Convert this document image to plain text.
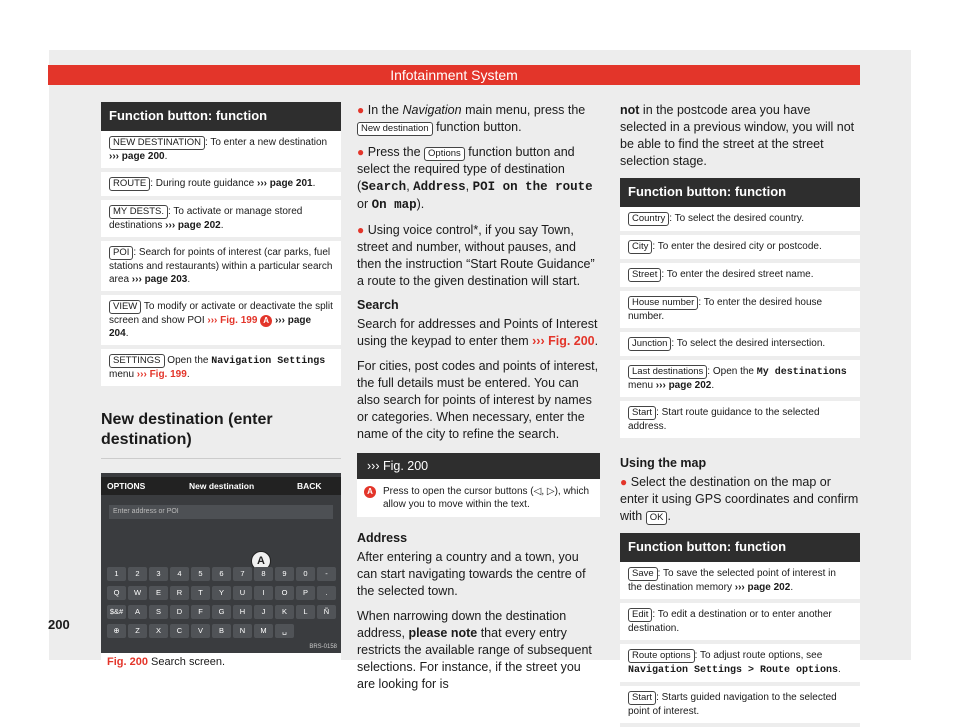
Infotainment System
Function button: function
NEW DESTINATION : To enter a new destination ››› page 200.
ROUTE : During route guidance ››› page 201.
MY DESTS. : To activate or manage stored destinations ››› page 202.
POI : Search for points of interest (car parks, fuel stations and restaurants) within a particular search area ››› page 203.
VIEW To modify or activate or deactivate the split screen and show POI ››› Fig. 199 A ››› page 204.
SETTINGS Open the Navigation Settings menu ››› Fig. 199.
New destination (enter destination)
OPTIONS	New destination	BACK
Enter address or POI
A
1	2	3	4	5	6	7	8	9	0	-
Q	W	E	R	T	Y	U	I	O	P	.
$&#	A	S	D	F	G	H	J	K	L	Ñ
⊕	Z	X	C	V	B	N	M	␣
BRS-0158
Fig. 200 Search screen.

● In the Navigation main menu, press the New destination function button.

● Press the Options function button and select the required type of destination (Search, Address, POI on the route or On map).

● Using voice control*, if you say Town, street and number, without pauses, and then the instruction “Start Route Guidance” a route to the given destination will start.

Search

Search for addresses and Points of Interest using the keypad to enter them ››› Fig. 200.

For cities, post codes and points of interest, the full details must be entered. You can also search for points of interest by names or categories. When necessary, enter the name of the city to refine the search.

››› Fig. 200
A	Press to open the cursor buttons (◁, ▷), which allow you to move within the text.
Address

After entering a country and a town, you can start navigating towards the centre of the selected town.

When narrowing down the destination address, please note that every entry restricts the available range of subsequent selections. For instance, if the street you are looking for is

not in the postcode area you have selected in a previous window, you will not be able to find the street at the street selection stage.

Function button: function
Country : To select the desired country.
City : To enter the desired city or postcode.
Street : To enter the desired street name.
House number : To enter the desired house number.
Junction : To select the desired intersection.
Last destinations : Open the My destinations menu ››› page 202.
Start : Start route guidance to the selected address.
Using the map

● Select the destination on the map or enter it using GPS coordinates and confirm with OK .

Function button: function
Save : To save the selected point of interest in the destination memory ››› page 202.
Edit : To edit a destination or to enter another destination.
Route options : To adjust route options, see Navigation Settings > Route options.
Start : Starts guided navigation to the selected point of interest.
200
